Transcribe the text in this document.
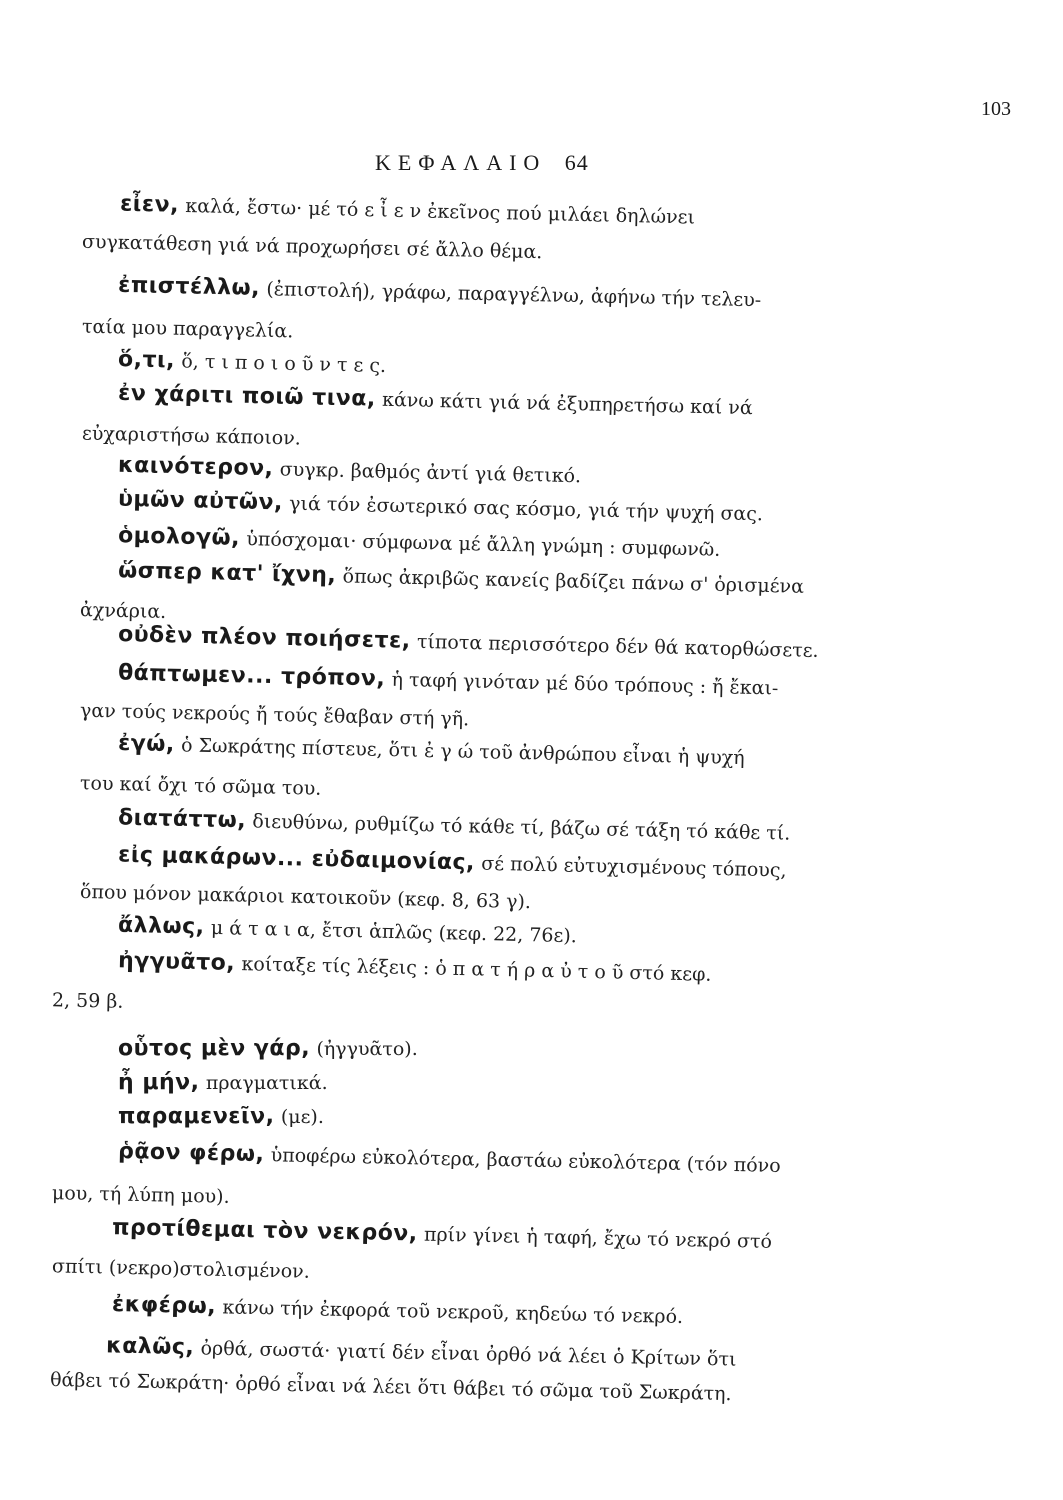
103
ΚΕΦΑΛΑΙΟ 64
εἶεν, καλά, ἔστω· μέ τό ε ἶ ε ν ἐκεῖνος πού μιλάει δηλώνει
συγκατάθεση γιά νά προχωρήσει σέ ἄλλο θέμα.
ἐπιστέλλω, (ἐπιστολή), γράφω, παραγγέλνω, ἀφήνω τήν τελευ-
ταία μου παραγγελία.
ὅ,τι, ὅ, τ ι π ο ι ο ῦ ν τ ε ς.
ἐν χάριτι ποιῶ τινα, κάνω κάτι γιά νά ἐξυπηρετήσω καί νά
εὐχαριστήσω κάποιον.
καινότερον, συγκρ. βαθμός ἀντί γιά θετικό.
ὑμῶν αὐτῶν, γιά τόν ἐσωτερικό σας κόσμο, γιά τήν ψυχή σας.
ὁμολογῶ, ὑπόσχομαι· σύμφωνα μέ ἄλλη γνώμη : συμφωνῶ.
ὥσπερ κατ' ἴχνη, ὅπως ἀκριβῶς κανείς βαδίζει πάνω σ' ὁρισμένα
ἀχνάρια.
οὐδὲν πλέον ποιήσετε, τίποτα περισσότερο δέν θά κατορθώσετε.
θάπτωμεν... τρόπον, ἡ ταφή γινόταν μέ δύο τρόπους : ἤ ἔκαι-
γαν τούς νεκρούς ἤ τούς ἔθαβαν στή γῆ.
ἐγώ, ὁ Σωκράτης πίστευε, ὅτι ἐ γ ώ τοῦ ἀνθρώπου εἶναι ἡ ψυχή
του καί ὄχι τό σῶμα του.
διατάττω, διευθύνω, ρυθμίζω τό κάθε τί, βάζω σέ τάξη τό κάθε τί.
εἰς μακάρων... εὐδαιμονίας, σέ πολύ εὐτυχισμένους τόπους,
ὅπου μόνον μακάριοι κατοικοῦν (κεφ. 8, 63 γ).
ἄλλως, μ ά τ α ι α, ἔτσι ἁπλῶς (κεφ. 22, 76ε).
ἠγγυᾶτο, κοίταξε τίς λέξεις : ὁ π α τ ή ρ α ὐ τ ο ῦ στό κεφ.
2, 59 β.
οὗτος μὲν γάρ, (ἠγγυᾶτο).
ἦ μήν, πραγματικά.
παραμενεῖν, (με).
ῥᾷον φέρω, ὑποφέρω εὐκολότερα, βαστάω εὐκολότερα (τόν πόνο
μου, τή λύπη μου).
προτίθεμαι τὸν νεκρόν, πρίν γίνει ἡ ταφή, ἔχω τό νεκρό στό
σπίτι (νεκρο)στολισμένον.
ἐκφέρω, κάνω τήν ἐκφορά τοῦ νεκροῦ, κηδεύω τό νεκρό.
καλῶς, ὀρθά, σωστά· γιατί δέν εἶναι ὀρθό νά λέει ὁ Κρίτων ὅτι
θάβει τό Σωκράτη· ὀρθό εἶναι νά λέει ὅτι θάβει τό σῶμα τοῦ Σωκράτη.
